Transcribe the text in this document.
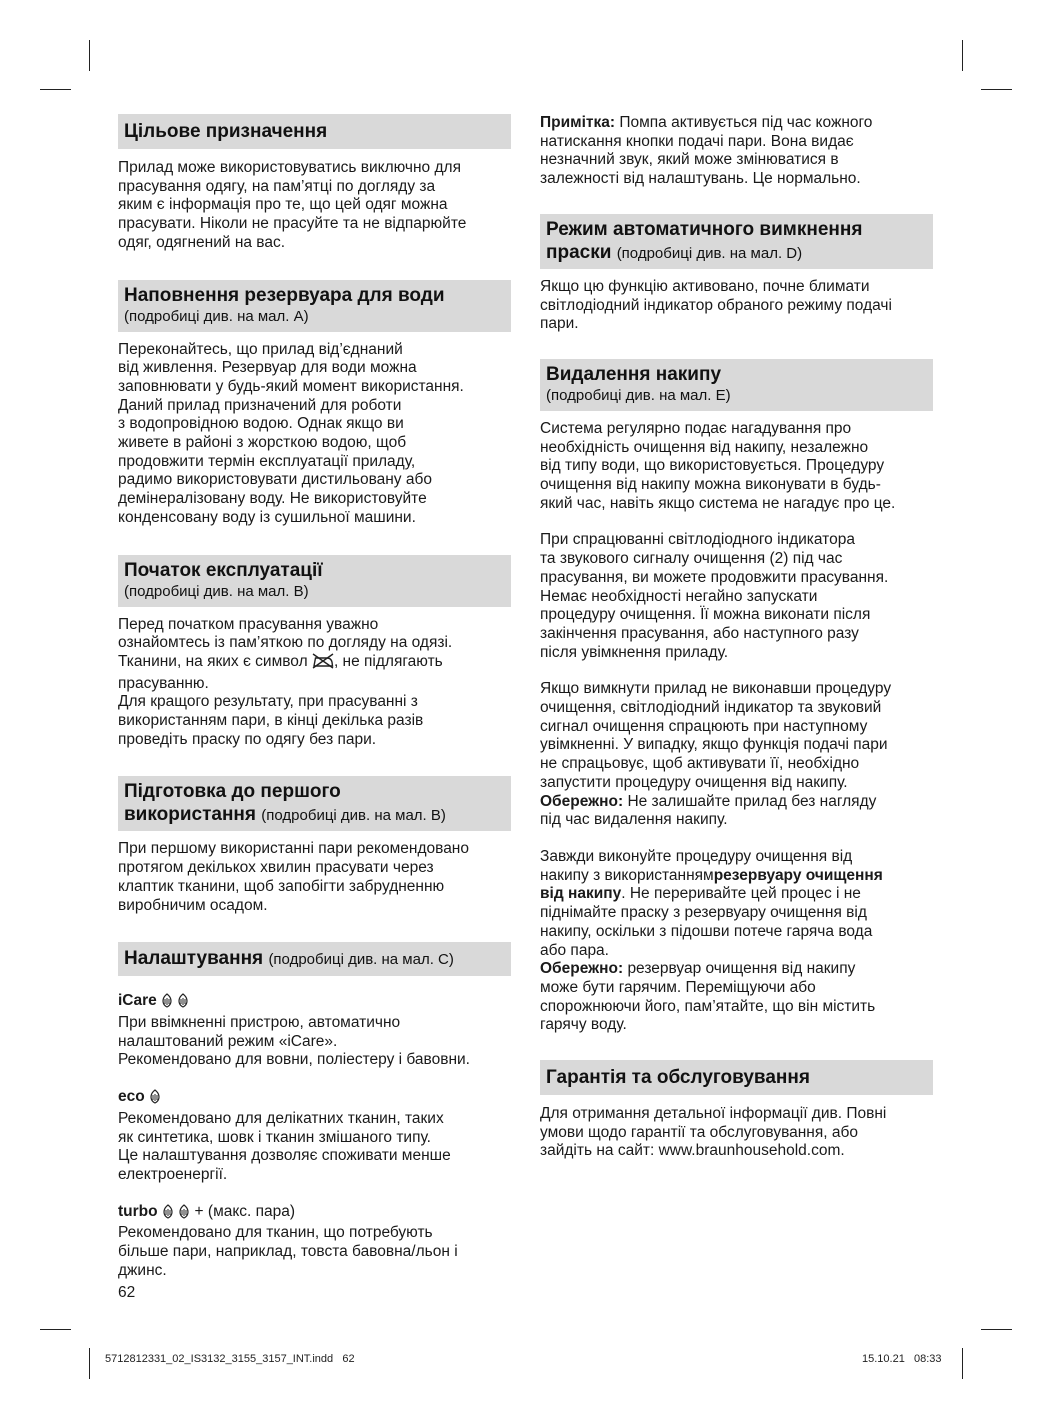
Цільове призначення

Прилад може використовуватись виключно для

прасування одягу, на пам’ятці по догляду за

яким є інформація про те, що цей одяг можна

прасувати. Ніколи не прасуйте та не відпарюйте

одяг, одягнений на вас.

Наповнення резервуара для води
(подробиці див. на мал. A)

Переконайтесь, що прилад від’єднаний

від живлення. Резервуар для води можна

заповнювати у будь-який момент використання.

Даний прилад призначений для роботи

з водопровідною водою. Однак якщо ви

живете в районі з жорсткою водою, щоб

продовжити термін експлуатації приладу,

радимо використовувати дистильовану або

демінералізовану воду. Не використовуйте

конденсовану воду із сушильної машини.

Початок експлуатації
(подробиці див. на мал. B)

Перед початком прасування уважно

ознайомтесь із пам’яткою по догляду на одязі.

Тканини, на яких є символ , не підлягають

прасуванню.

Для кращого результату, при прасуванні з

використанням пари, в кінці декілька разів

проведіть праску по одягу без пари.

Підготовка до першого
використання (подробиці див. на мал. B)

При першому використанні пари рекомендовано

протягом декількох хвилин прасувати через

клаптик тканини, щоб запобігти забрудненню

виробничим осадом.

Налаштування (подробиці див. на мал. C)

iCare

При ввімкненні пристрою, автоматично

налаштований режим «iCare».

Рекомендовано для вовни, поліестеру і бавовни.

eco

Рекомендовано для делікатних тканин, таких

як синтетика, шовк і тканин змішаного типу.

Це налаштування дозволяє споживати менше

електроенергії.

turbo + (макс. пара)

Рекомендовано для тканин, що потребують

більше пари, наприклад, товста бавовна/льон і

джинс.

Примітка: Помпа активується під час кожного

натискання кнопки подачі пари. Вона видає

незначний звук, який може змінюватися в

залежності від налаштувань. Це нормально.

Режим автоматичного вимкнення
праски (подробиці див. на мал. D)

Якщо цю функцію активовано, почне блимати

світлодіодний індикатор обраного режиму подачі

пари.

Видалення накипу
(подробиці див. на мал. E)

Система регулярно подає нагадування про

необхідність очищення від накипу, незалежно

від типу води, що використовується. Процедуру

очищення від накипу можна виконувати в будь-

який час, навіть якщо система не нагадує про це.

При спрацюванні світлодіодного індикатора

та звукового сигналу очищення (2) під час

прасування, ви можете продовжити прасування.

Немає необхідності негайно запускати

процедуру очищення. Її можна виконати після

закінчення прасування, або наступного разу

після увімкнення приладу.

Якщо вимкнути прилад не виконавши процедуру

очищення, світлодіодний індикатор та звуковий

сигнал очищення спрацюють при наступному

увімкненні. У випадку, якщо функція подачі пари

не спрацьовує, щоб активувати її, необхідно

запустити процедуру очищення від накипу.

Обережно: Не залишайте прилад без нагляду

під час видалення накипу.

Завжди виконуйте процедуру очищення від

накипу з використаннямрезервуару очищення

від накипу. Не переривайте цей процес і не

піднімайте праску з резервуару очищення від

накипу, оскільки з підошви потече гаряча вода

або пара.

Обережно: резервуар очищення від накипу

може бути гарячим. Переміщуючи або

спорожнюючи його, пам’ятайте, що він містить

гарячу воду.

Гарантія та обслуговування

Для отримання детальної інформації див. Повні

умови щодо гарантії та обслуговування, або

зайдіть на сайт: www.braunhousehold.com.

62
5712812331_02_IS3132_3155_3157_INT.indd   62	15.10.21   08:33
